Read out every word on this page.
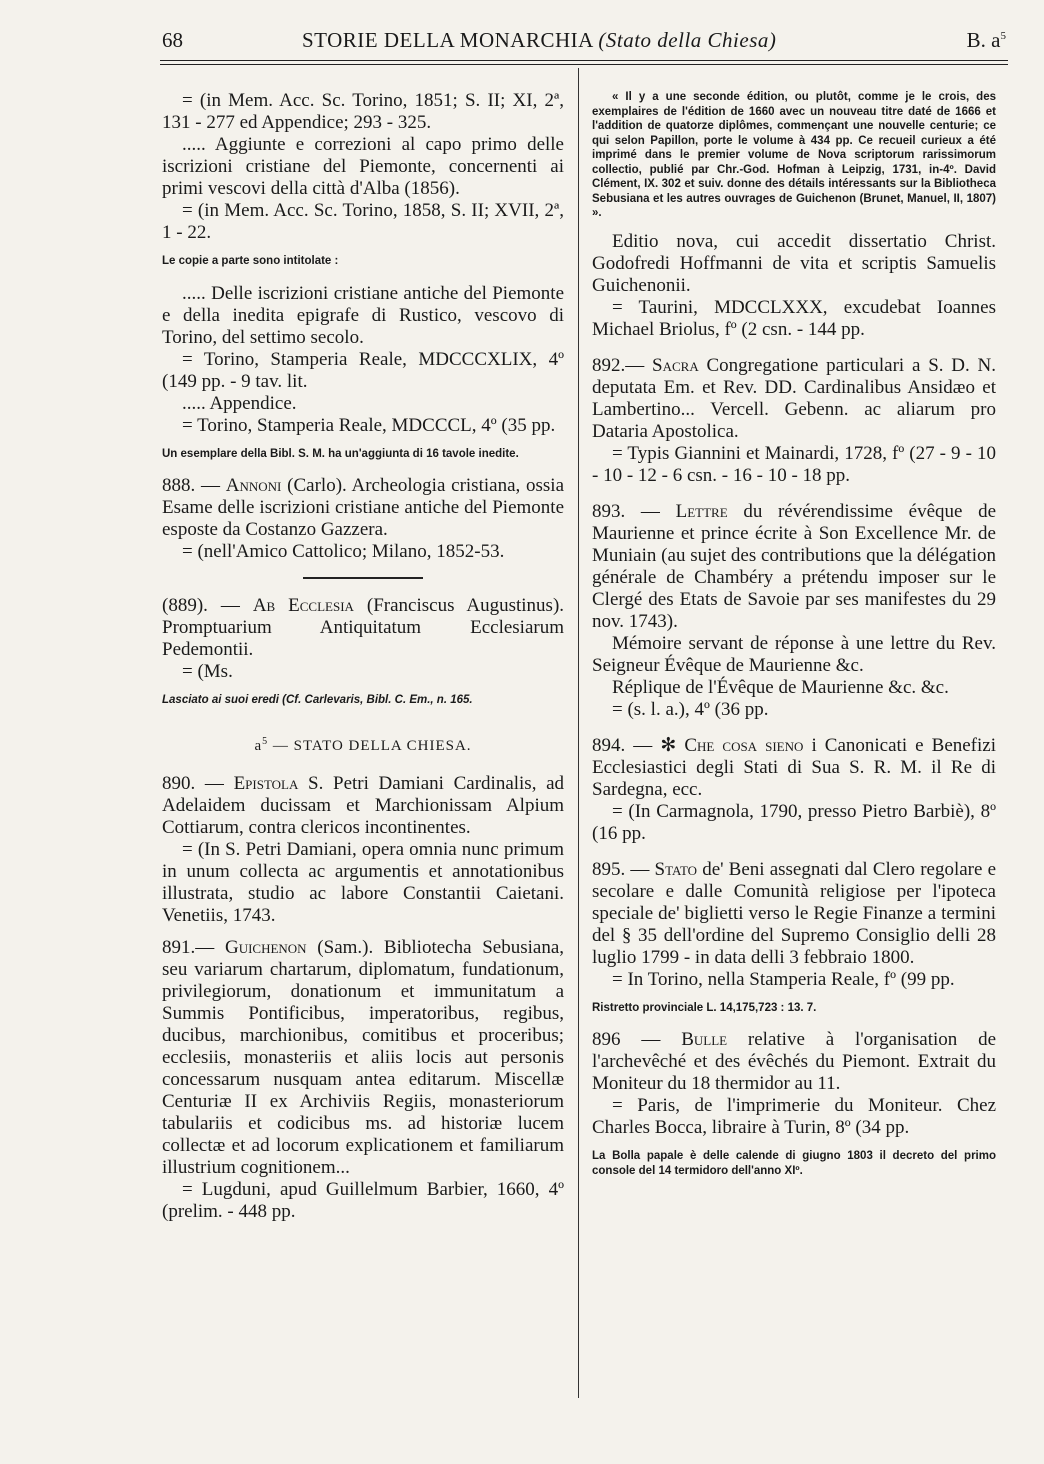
68	STORIE DELLA MONARCHIA (Stato della Chiesa)	B. $a^5$

= (in Mem. Acc. Sc. Torino, 1851; S. II; XI, 2ª, 131 - 277 ed Appendice; 293 - 325.

..... Aggiunte e correzioni al capo primo delle iscrizioni cristiane del Piemonte, concernenti ai primi vescovi della città d'Alba (1856).

= (in Mem. Acc. Sc. Torino, 1858, S. II; XVII, 2ª, 1 - 22.

Le copie a parte sono intitolate :

..... Delle iscrizioni cristiane antiche del Piemonte e della inedita epigrafe di Rustico, vescovo di Torino, del settimo secolo.

= Torino, Stamperia Reale, MDCCCXLIX, 4º (149 pp. - 9 tav. lit.

..... Appendice.

= Torino, Stamperia Reale, MDCCCL, 4º (35 pp.

Un esemplare della Bibl. S. M. ha un'aggiunta di 16 tavole inedite.

888. — Annoni (Carlo). Archeologia cristiana, ossia Esame delle iscrizioni cristiane antiche del Piemonte esposte da Costanzo Gazzera.

= (nell'Amico Cattolico; Milano, 1852-53.

(889). — Ab Ecclesia (Franciscus Augustinus). Promptuarium Antiquitatum Ecclesiarum Pedemontii.

= (Ms.

Lasciato ai suoi eredi (Cf. Carlevaris, Bibl. C. Em., n. 165.

$a^5$ — STATO DELLA CHIESA.

890. — Epistola S. Petri Damiani Cardinalis, ad Adelaidem ducissam et Marchionissam Alpium Cottiarum, contra clericos incontinentes.

= (In S. Petri Damiani, opera omnia nunc primum in unum collecta ac argumentis et annotationibus illustrata, studio ac labore Constantii Caietani. Venetiis, 1743.

891.— Guichenon (Sam.). Bibliotecha Sebusiana, seu variarum chartarum, diplomatum, fundationum, privilegiorum, donationum et immunitatum a Summis Pontificibus, imperatoribus, regibus, ducibus, marchionibus, comitibus et proceribus; ecclesiis, monasteriis et aliis locis aut personis concessarum nusquam antea editarum. Miscellæ Centuriæ II ex Archiviis Regiis, monasteriorum tabulariis et codicibus ms. ad historiæ lucem collectæ et ad locorum explicationem et familiarum illustrium cognitionem...

= Lugduni, apud Guillelmum Barbier, 1660, 4º (prelim. - 448 pp.

« Il y a une seconde édition, ou plutôt, comme je le crois, des exemplaires de l'édition de 1660 avec un nouveau titre daté de 1666 et l'addition de quatorze diplômes, commençant une nouvelle centurie; ce qui selon Papillon, porte le volume à 434 pp. Ce recueil curieux a été imprimé dans le premier volume de Nova scriptorum rarissimorum collectio, publié par Chr.-God. Hofman à Leipzig, 1731, in-4º. David Clément, IX. 302 et suiv. donne des détails intéressants sur la Bibliotheca Sebusiana et les autres ouvrages de Guichenon (Brunet, Manuel, II, 1807) ».

Editio nova, cui accedit dissertatio Christ. Godofredi Hoffmanni de vita et scriptis Samuelis Guichenonii.

= Taurini, MDCCLXXX, excudebat Ioannes Michael Briolus, fº (2 csn. - 144 pp.

892.— Sacra Congregatione particulari a S. D. N. deputata Em. et Rev. DD. Cardinalibus Ansidæo et Lambertino... Vercell. Gebenn. ac aliarum pro Dataria Apostolica.

= Typis Giannini et Mainardi, 1728, fº (27 - 9 - 10 - 10 - 12 - 6 csn. - 16 - 10 - 18 pp.

893. — Lettre du révérendissime évêque de Maurienne et prince écrite à Son Excellence Mr. de Muniain (au sujet des contributions que la délégation générale de Chambéry a prétendu imposer sur le Clergé des Etats de Savoie par ses manifestes du 29 nov. 1743).

Mémoire servant de réponse à une lettre du Rev. Seigneur Évêque de Maurienne &c.

Réplique de l'Évêque de Maurienne &c. &c.

= (s. l. a.), 4º (36 pp.

894. — ✻ Che cosa sieno i Canonicati e Benefizi Ecclesiastici degli Stati di Sua S. R. M. il Re di Sardegna, ecc.

= (In Carmagnola, 1790, presso Pietro Barbiè), 8º (16 pp.

895. — Stato de' Beni assegnati dal Clero regolare e secolare e dalle Comunità religiose per l'ipoteca speciale de' biglietti verso le Regie Finanze a termini del § 35 dell'ordine del Supremo Consiglio delli 28 luglio 1799 - in data delli 3 febbraio 1800.

= In Torino, nella Stamperia Reale, fº (99 pp.

Ristretto provinciale L. 14,175,723 : 13. 7.

896 — Bulle relative à l'organisation de l'archevêché et des évêchés du Piemont. Extrait du Moniteur du 18 thermidor au 11.

= Paris, de l'imprimerie du Moniteur. Chez Charles Bocca, libraire à Turin, 8º (34 pp.

La Bolla papale è delle calende di giugno 1803 il decreto del primo console del 14 termidoro dell'anno XIº.
